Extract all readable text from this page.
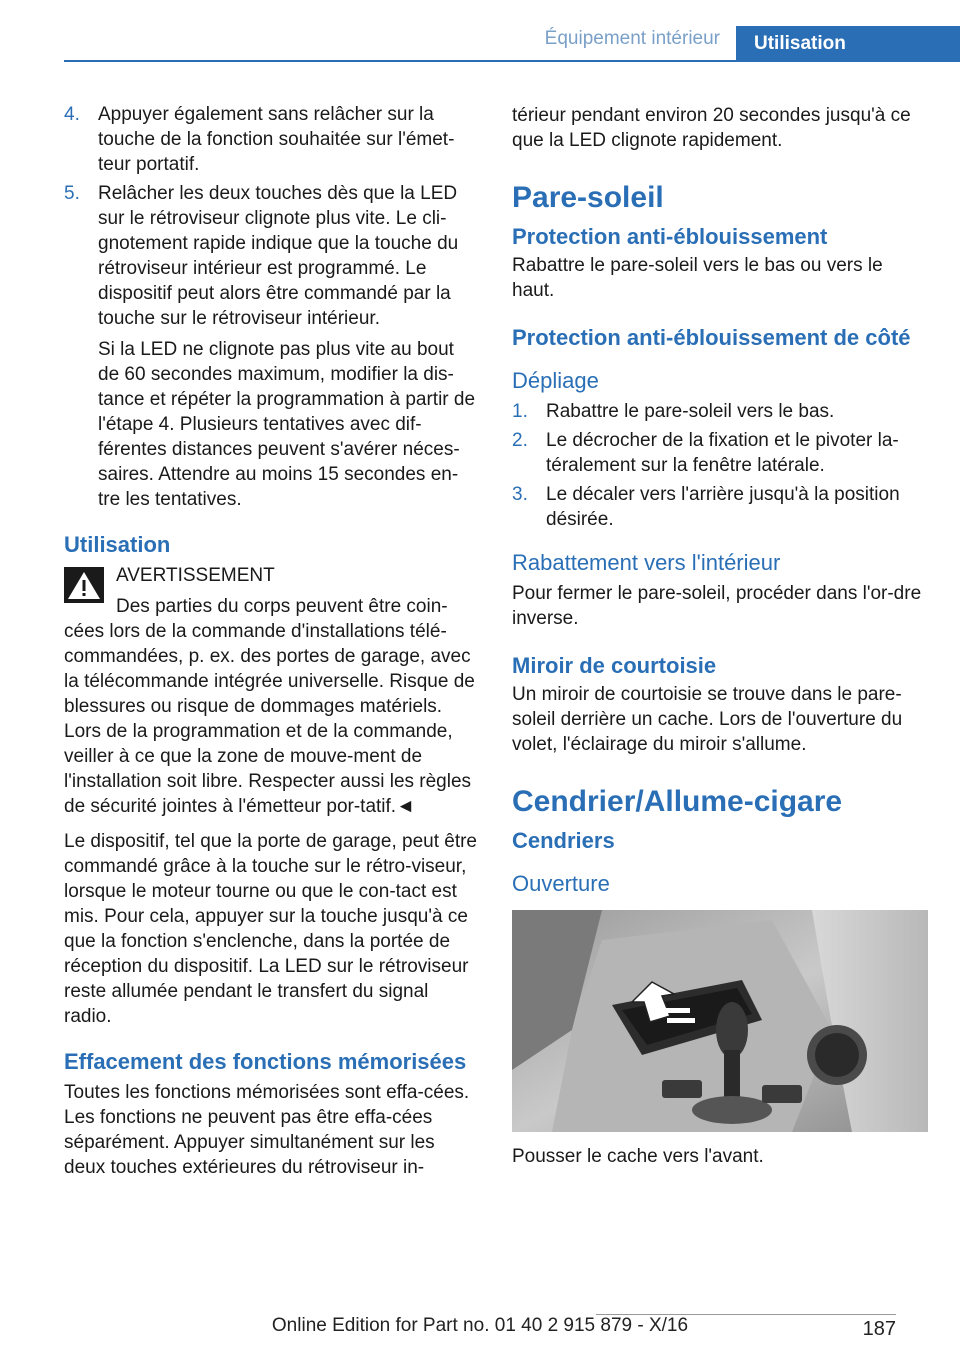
Équipement intérieur	Utilisation
4. Appuyer également sans relâcher sur la touche de la fonction souhaitée sur l'émet‐teur portatif.
5. Relâcher les deux touches dès que la LED sur le rétroviseur clignote plus vite. Le cli‐gnotement rapide indique que la touche du rétroviseur intérieur est programmé. Le dispositif peut alors être commandé par la touche sur le rétroviseur intérieur.

Si la LED ne clignote pas plus vite au bout de 60 secondes maximum, modifier la dis‐tance et répéter la programmation à partir de l'étape 4. Plusieurs tentatives avec dif‐férentes distances peuvent s'avérer néces‐saires. Attendre au moins 15 secondes en‐tre les tentatives.

Utilisation
AVERTISSEMENT

Des parties du corps peuvent être coin‐cées lors de la commande d'installations télé‐commandées, p. ex. des portes de garage, avec la télécommande intégrée universelle. Risque de blessures ou risque de dommages matériels. Lors de la programmation et de la commande, veiller à ce que la zone de mouve‐ment de l'installation soit libre. Respecter aussi les règles de sécurité jointes à l'émetteur por‐tatif.◄

Le dispositif, tel que la porte de garage, peut être commandé grâce à la touche sur le rétro‐viseur, lorsque le moteur tourne ou que le con‐tact est mis. Pour cela, appuyer sur la touche jusqu'à ce que la fonction s'enclenche, dans la portée de réception du dispositif. La LED sur le rétroviseur reste allumée pendant le transfert du signal radio.

Effacement des fonctions mémorisées

Toutes les fonctions mémorisées sont effa‐cées. Les fonctions ne peuvent pas être effa‐cées séparément. Appuyer simultanément sur les deux touches extérieures du rétroviseur in‐

térieur pendant environ 20 secondes jusqu'à ce que la LED clignote rapidement.

Pare-soleil
Protection anti-éblouissement

Rabattre le pare-soleil vers le bas ou vers le haut.

Protection anti-éblouissement de côté
Dépliage
1. Rabattre le pare-soleil vers le bas.
2. Le décrocher de la fixation et le pivoter la‐téralement sur la fenêtre latérale.
3. Le décaler vers l'arrière jusqu'à la position désirée.
Rabattement vers l'intérieur

Pour fermer le pare-soleil, procéder dans l'or‐dre inverse.

Miroir de courtoisie

Un miroir de courtoisie se trouve dans le pare-soleil derrière un cache. Lors de l'ouverture du volet, l'éclairage du miroir s'allume.

Cendrier/Allume-cigare
Cendriers
Ouverture

Pousser le cache vers l'avant.

187
Online Edition for Part no. 01 40 2 915 879 - X/16
